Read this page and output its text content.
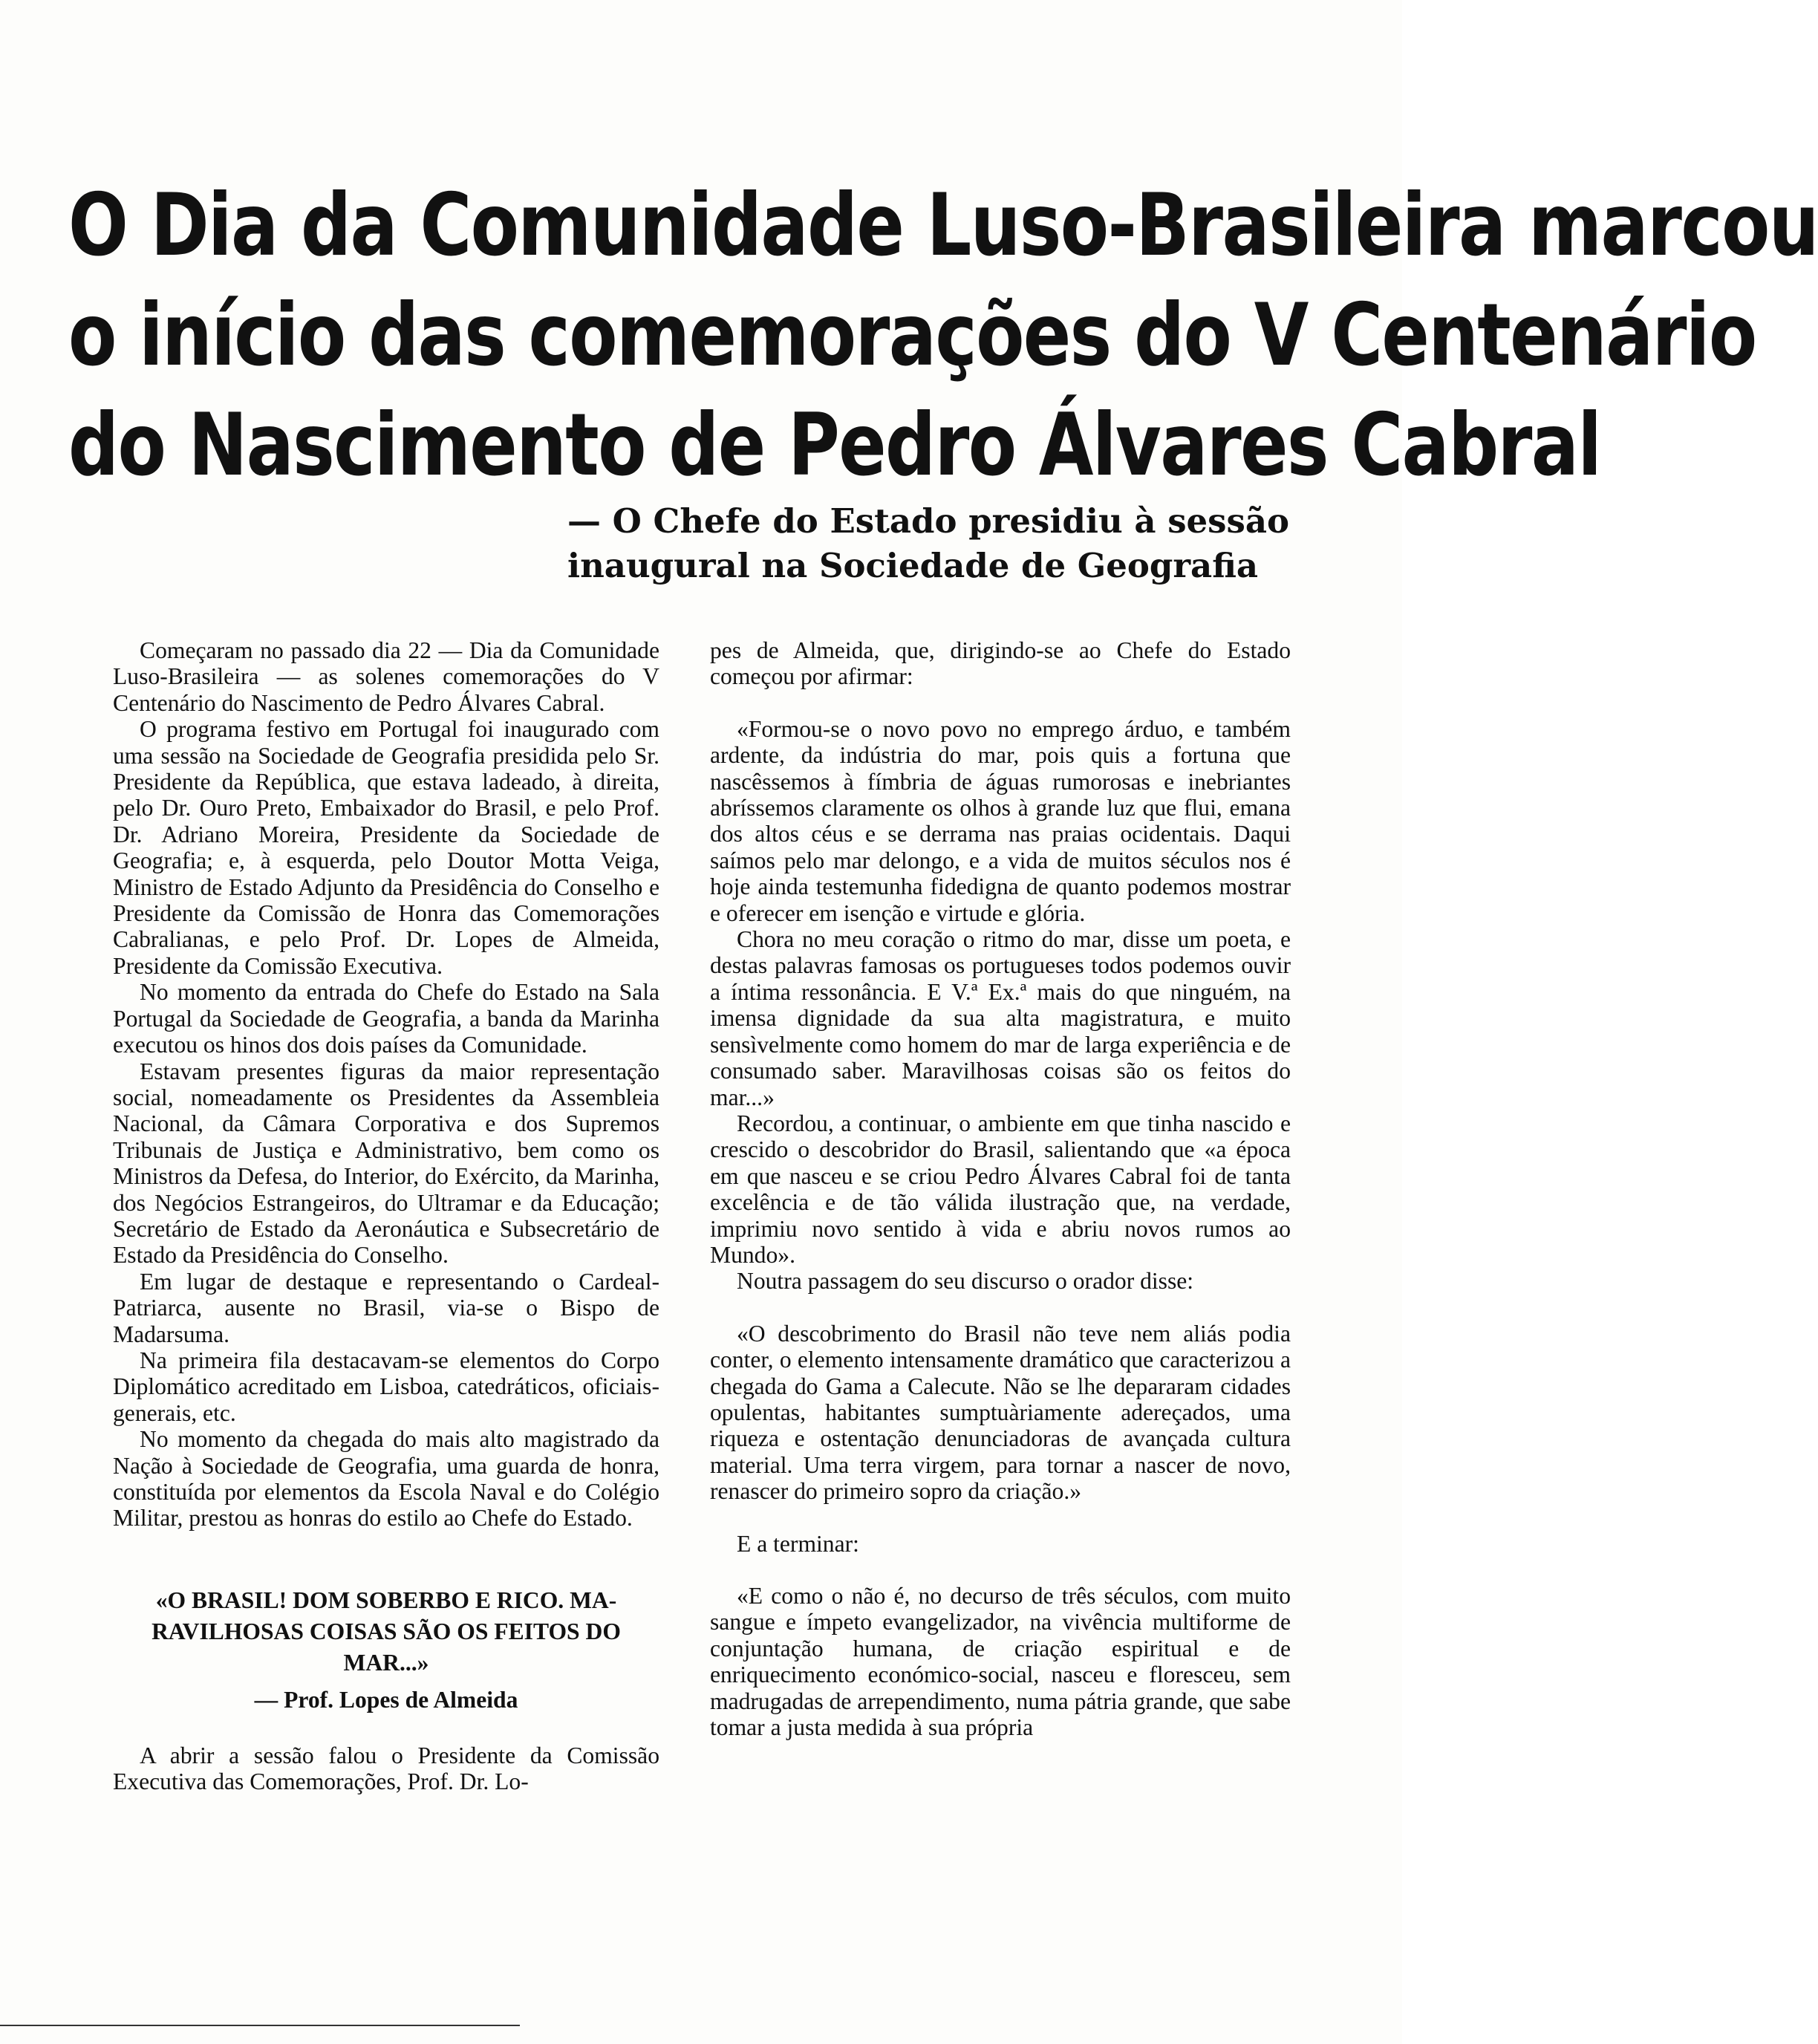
O Dia da Comunidade Luso-Brasileira marcou
o início das comemorações do V Centenário
do Nascimento de Pedro Álvares Cabral
— O Chefe do Estado presidiu à sessão
inaugural na Sociedade de Geografia

Começaram no passado dia 22 — Dia da Comunidade Luso-Brasileira — as solenes comemorações do V Centenário do Nascimento de Pedro Álvares Cabral.

O programa festivo em Portugal foi inaugurado com uma sessão na Sociedade de Geografia presidida pelo Sr. Presidente da República, que estava ladeado, à direita, pelo Dr. Ouro Preto, Embaixador do Brasil, e pelo Prof. Dr. Adriano Moreira, Presidente da Sociedade de Geografia; e, à esquerda, pelo Doutor Motta Veiga, Ministro de Estado Adjunto da Presidência do Conselho e Presidente da Comissão de Honra das Comemorações Cabralianas, e pelo Prof. Dr. Lopes de Almeida, Presidente da Comissão Executiva.

No momento da entrada do Chefe do Estado na Sala Portugal da Sociedade de Geografia, a banda da Marinha executou os hinos dos dois países da Comunidade.

Estavam presentes figuras da maior representação social, nomeadamente os Presidentes da Assembleia Nacional, da Câmara Corporativa e dos Supremos Tribunais de Justiça e Administrativo, bem como os Ministros da Defesa, do Interior, do Exército, da Marinha, dos Negócios Estrangeiros, do Ultramar e da Educação; Secretário de Estado da Aeronáutica e Subsecretário de Estado da Presidência do Conselho.

Em lugar de destaque e representando o Cardeal- Patriarca, ausente no Brasil, via-se o Bispo de Madarsuma.

Na primeira fila destacavam-se elementos do Corpo Diplomático acreditado em Lisboa, catedráticos, oficiais-generais, etc.

No momento da chegada do mais alto magistrado da Nação à Sociedade de Geografia, uma guarda de honra, constituída por elementos da Escola Naval e do Colégio Militar, prestou as honras do estilo ao Chefe do Estado.

«O BRASIL! DOM SOBERBO E RICO. MA-
RAVILHOSAS COISAS SÃO OS FEITOS DO
MAR...»
— Prof. Lopes de Almeida

A abrir a sessão falou o Presidente da Comissão Executiva das Comemorações, Prof. Dr. Lo-

pes de Almeida, que, dirigindo-se ao Chefe do Estado começou por afirmar:

«Formou-se o novo povo no emprego árduo, e também ardente, da indústria do mar, pois quis a fortuna que nascêssemos à fímbria de águas rumorosas e inebriantes abríssemos claramente os olhos à grande luz que flui, emana dos altos céus e se derrama nas praias ocidentais. Daqui saímos pelo mar delongo, e a vida de muitos séculos nos é hoje ainda testemunha fidedigna de quanto podemos mostrar e oferecer em isenção e virtude e glória.

Chora no meu coração o ritmo do mar, disse um poeta, e destas palavras famosas os portugueses todos podemos ouvir a íntima ressonância. E V.ª Ex.ª mais do que ninguém, na imensa dignidade da sua alta magistratura, e muito sensìvelmente como homem do mar de larga experiência e de consumado saber. Maravilhosas coisas são os feitos do mar...»

Recordou, a continuar, o ambiente em que tinha nascido e crescido o descobridor do Brasil, salientando que «a época em que nasceu e se criou Pedro Álvares Cabral foi de tanta excelência e de tão válida ilustração que, na verdade, imprimiu novo sentido à vida e abriu novos rumos ao Mundo».

Noutra passagem do seu discurso o orador disse:

«O descobrimento do Brasil não teve nem aliás podia conter, o elemento intensamente dramático que caracterizou a chegada do Gama a Calecute. Não se lhe depararam cidades opulentas, habitantes sumptuàriamente adereçados, uma riqueza e ostentação denunciadoras de avançada cultura material. Uma terra virgem, para tornar a nascer de novo, renascer do primeiro sopro da criação.»

E a terminar:

«E como o não é, no decurso de três séculos, com muito sangue e ímpeto evangelizador, na vivência multiforme de conjuntação humana, de criação espiritual e de enriquecimento económico-social, nasceu e floresceu, sem madrugadas de arrependimento, numa pátria grande, que sabe tomar a justa medida à sua própria
